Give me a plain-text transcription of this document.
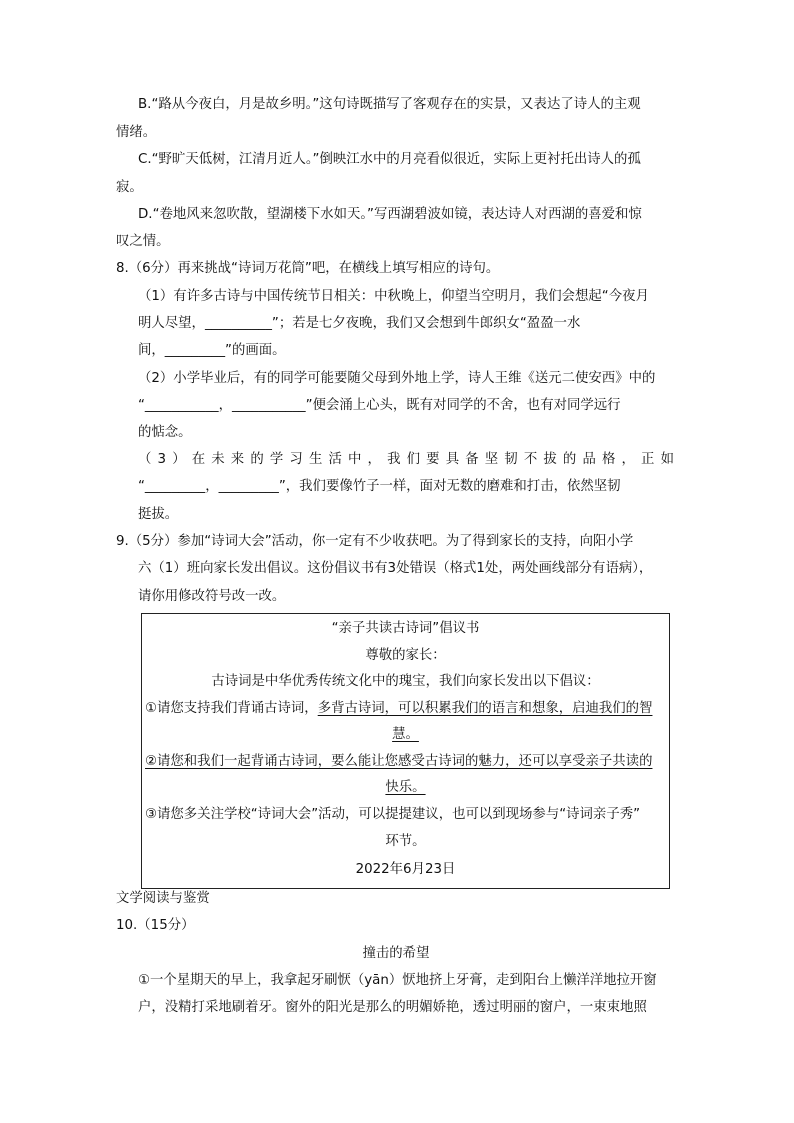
B.“路从今夜白，月是故乡明。”这句诗既描写了客观存在的实景，又表达了诗人的主观
情绪。
C.“野旷天低树，江清月近人。”倒映江水中的月亮看似很近，实际上更衬托出诗人的孤
寂。
D.“卷地风来忽吹散，望湖楼下水如天。”写西湖碧波如镜，表达诗人对西湖的喜爱和惊
叹之情。
8.（6分）再来挑战“诗词万花筒”吧，在横线上填写相应的诗句。
（1）有许多古诗与中国传统节日相关：中秋晚上，仰望当空明月，我们会想起“今夜月
明人尽望，__________”；若是七夕夜晚，我们又会想到牛郎织女“盈盈一水
间，_________”的画面。
（2）小学毕业后，有的同学可能要随父母到外地上学，诗人王维《送元二使安西》中的
“___________，___________”便会涌上心头，既有对同学的不舍，也有对同学远行
的惦念。
（3）在未来的学习生活中，我们要具备坚韧不拔的品格，正如
“_________，_________”，我们要像竹子一样，面对无数的磨难和打击，依然坚韧
挺拔。
9.（5分）参加“诗词大会”活动，你一定有不少收获吧。为了得到家长的支持，向阳小学
六（1）班向家长发出倡议。这份倡议书有3处错误（格式1处，两处画线部分有语病），
请你用修改符号改一改。
“亲子共读古诗词”倡议书
尊敬的家长：
古诗词是中华优秀传统文化中的瑰宝，我们向家长发出以下倡议：
①请您支持我们背诵古诗词，多背古诗词，可以积累我们的语言和想象，启迪我们的智
慧。
②请您和我们一起背诵古诗词，要么能让您感受古诗词的魅力，还可以享受亲子共读的
快乐。
③请您多关注学校“诗词大会”活动，可以提提建议，也可以到现场参与“诗词亲子秀”
环节。
2022年6月23日
文学阅读与鉴赏
10.（15分）
撞击的希望
①一个星期天的早上，我拿起牙刷恹（yān）恹地挤上牙膏，走到阳台上懒洋洋地拉开窗
户，没精打采地刷着牙。窗外的阳光是那么的明媚娇艳，透过明丽的窗户，一束束地照
